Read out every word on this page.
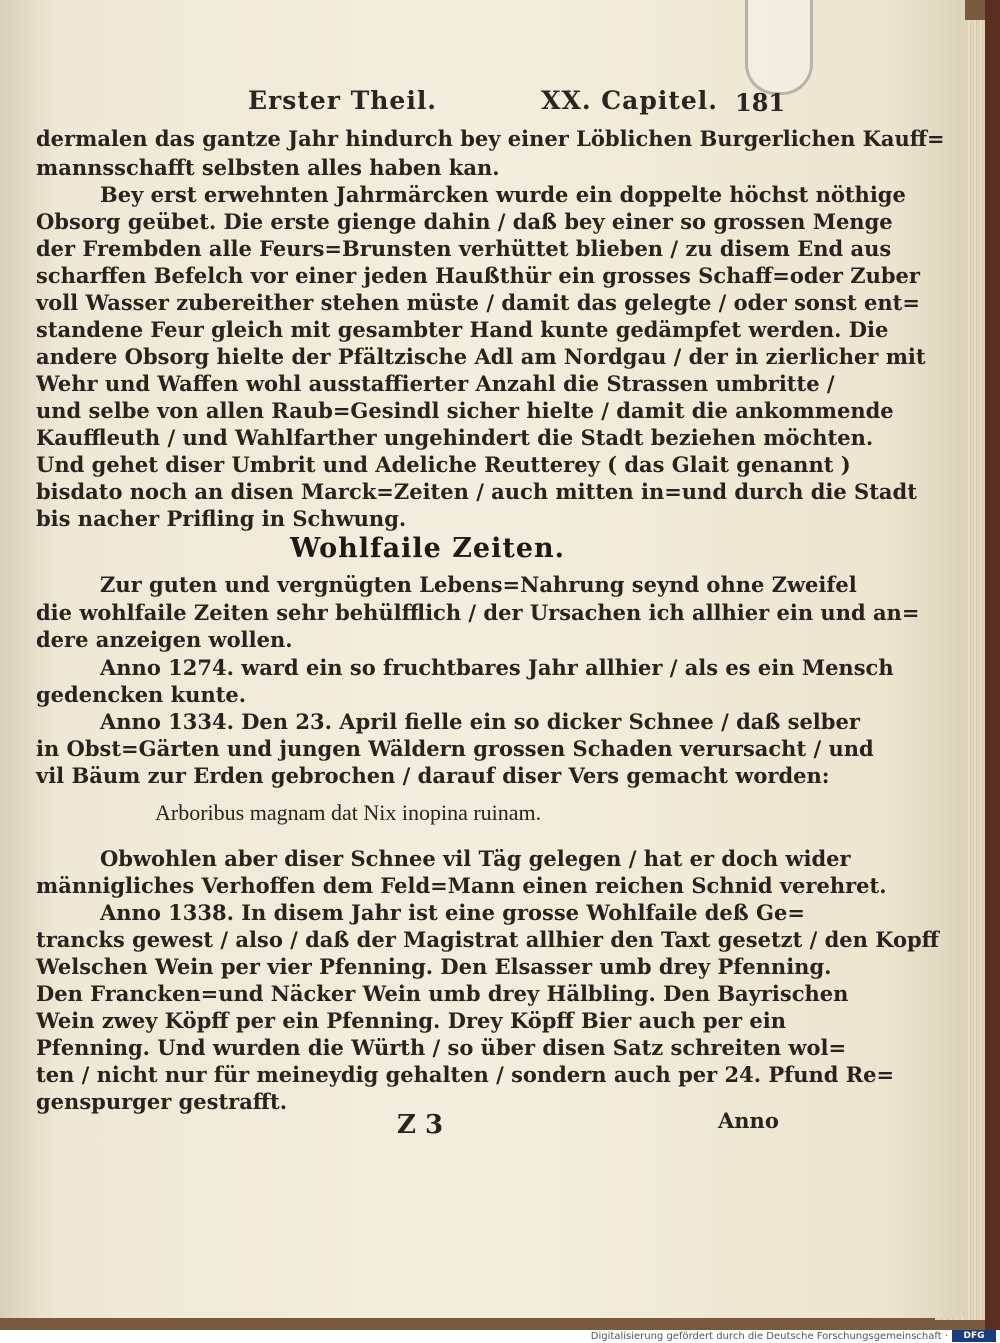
Erster Theil.	XX. Capitel. 181

dermalen das gantze Jahr hindurch bey einer Löblichen Burgerlichen Kauff=

mannsschafft selbsten alles haben kan.

Bey erst erwehnten Jahrmärcken wurde ein doppelte höchst nöthige

Obsorg geübet. Die erste gienge dahin / daß bey einer so grossen Menge

der Frembden alle Feurs=Brunsten verhüttet blieben / zu disem End aus

scharffen Befelch vor einer jeden Haußthür ein grosses Schaff=oder Zuber

voll Wasser zubereither stehen müste / damit das gelegte / oder sonst ent=

standene Feur gleich mit gesambter Hand kunte gedämpfet werden. Die

andere Obsorg hielte der Pfältzische Adl am Nordgau / der in zierlicher mit

Wehr und Waffen wohl ausstaffierter Anzahl die Strassen umbritte /

und selbe von allen Raub=Gesindl sicher hielte / damit die ankommende

Kauffleuth / und Wahlfarther ungehindert die Stadt beziehen möchten.

Und gehet diser Umbrit und Adeliche Reutterey ( das Glait genannt )

bisdato noch an disen Marck=Zeiten / auch mitten in=und durch die Stadt

bis nacher Prifling in Schwung.

Wohlfaile Zeiten.

Zur guten und vergnügten Lebens=Nahrung seynd ohne Zweifel

die wohlfaile Zeiten sehr behülfflich / der Ursachen ich allhier ein und an=

dere anzeigen wollen.

Anno 1274. ward ein so fruchtbares Jahr allhier / als es ein Mensch

gedencken kunte.

Anno 1334. Den 23. April fielle ein so dicker Schnee / daß selber

in Obst=Gärten und jungen Wäldern grossen Schaden verursacht / und

vil Bäum zur Erden gebrochen / darauf diser Vers gemacht worden:

Arboribus magnam dat Nix inopina ruinam.

Obwohlen aber diser Schnee vil Täg gelegen / hat er doch wider

männigliches Verhoffen dem Feld=Mann einen reichen Schnid verehret.

Anno 1338. In disem Jahr ist eine grosse Wohlfaile deß Ge=

trancks gewest / also / daß der Magistrat allhier den Taxt gesetzt / den Kopff

Welschen Wein per vier Pfenning. Den Elsasser umb drey Pfenning.

Den Francken=und Näcker Wein umb drey Hälbling. Den Bayrischen

Wein zwey Köpff per ein Pfenning. Drey Köpff Bier auch per ein

Pfenning. Und wurden die Würth / so über disen Satz schreiten wol=

ten / nicht nur für meineydig gehalten / sondern auch per 24. Pfund Re=

genspurger gestrafft.

Z 3	Anno
Digitalisierung gefördert durch die Deutsche Forschungsgemeinschaft ·	DFG
